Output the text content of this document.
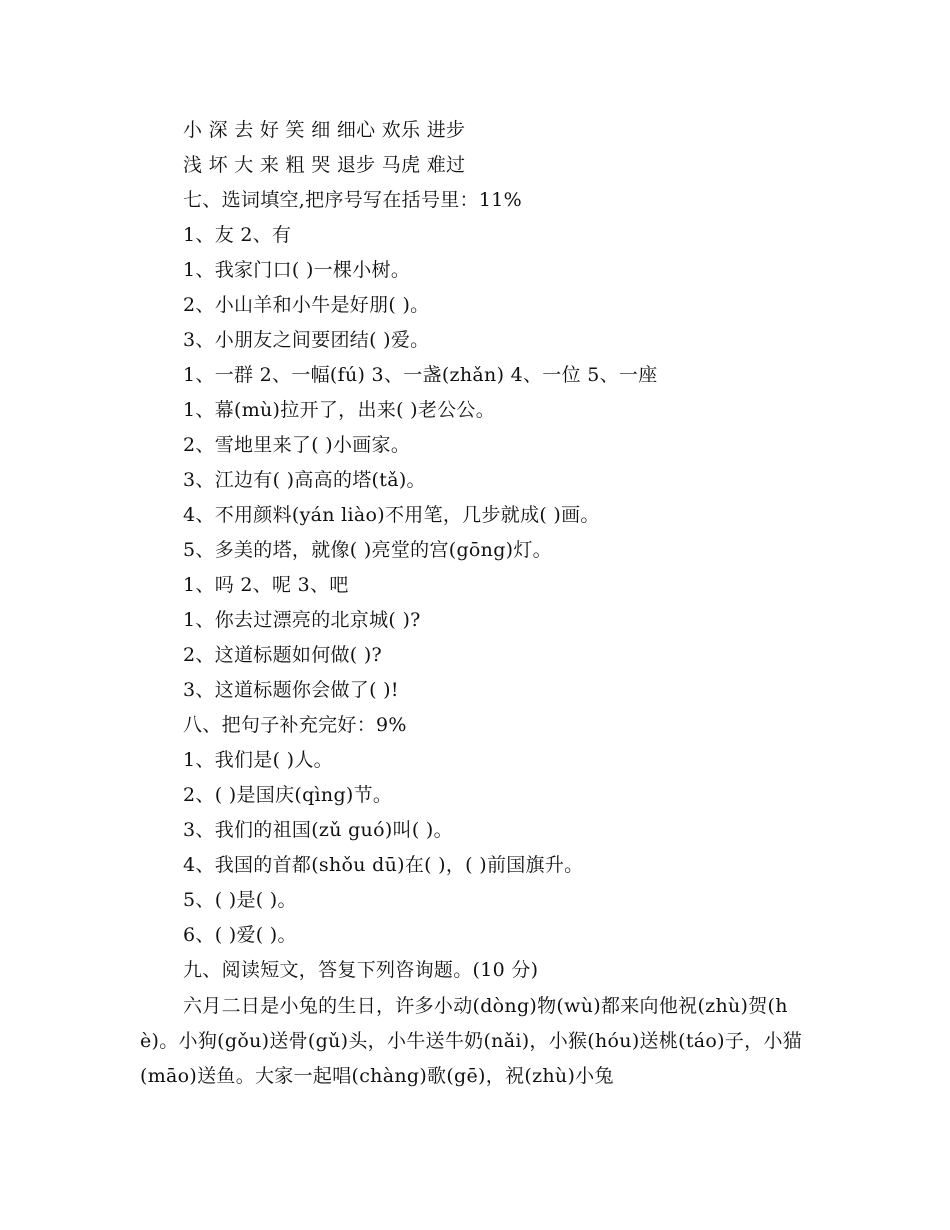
小 深 去 好 笑 细 细心 欢乐 进步
浅 坏 大 来 粗 哭 退步 马虎 难过
七、选词填空,把序号写在括号里：11%
1、友 2、有
1、我家门口( )一棵小树。
2、小山羊和小牛是好朋( )。
3、小朋友之间要团结( )爱。
1、一群 2、一幅(fú) 3、一盏(zhǎn) 4、一位 5、一座
1、幕(mù)拉开了，出来( )老公公。
2、雪地里来了( )小画家。
3、江边有( )高高的塔(tǎ)。
4、不用颜料(yán liào)不用笔，几步就成( )画。
5、多美的塔，就像( )亮堂的宫(gōng)灯。
1、吗 2、呢 3、吧
1、你去过漂亮的北京城( )?
2、这道标题如何做( )?
3、这道标题你会做了( )!
八、把句子补充完好：9%
1、我们是( )人。
2、( )是国庆(qìng)节。
3、我们的祖国(zǔ guó)叫( )。
4、我国的首都(shǒu dū)在( )，( )前国旗升。
5、( )是( )。
6、( )爱( )。
九、阅读短文，答复下列咨询题。(10 分)
六月二日是小兔的生日，许多小动(dòng)物(wù)都来向他祝(zhù)贺(hè)。小狗(gǒu)送骨(gǔ)头，小牛送牛奶(nǎi)，小猴(hóu)送桃(táo)子，小猫(māo)送鱼。大家一起唱(chàng)歌(gē)，祝(zhù)小兔
